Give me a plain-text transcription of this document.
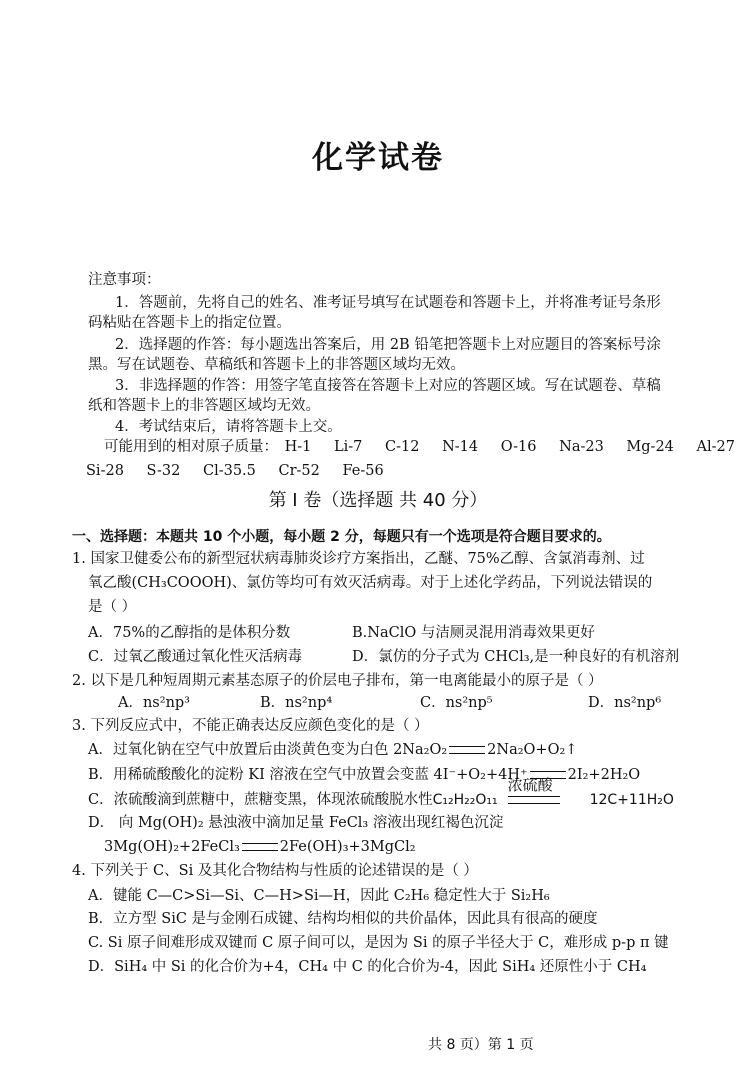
化学试卷
注意事项：
1．答题前，先将自己的姓名、准考证号填写在试题卷和答题卡上，并将准考证号条形
码粘贴在答题卡上的指定位置。
2．选择题的作答：每小题选出答案后，用 2B 铅笔把答题卡上对应题目的答案标号涂
黑。写在试题卷、草稿纸和答题卡上的非答题区域均无效。
3．非选择题的作答：用签字笔直接答在答题卡上对应的答题区域。写在试题卷、草稿
纸和答题卡上的非答题区域均无效。
4．考试结束后，请将答题卡上交。
可能用到的相对原子质量： H-1 Li-7 C-12 N-14 O-16 Na-23 Mg-24 Al-27
Si-28 S-32 Cl-35.5 Cr-52 Fe-56
第 I 卷（选择题 共 40 分）
一、选择题：本题共 10 个小题，每小题 2 分，每题只有一个选项是符合题目要求的。
1. 国家卫健委公布的新型冠状病毒肺炎诊疗方案指出，乙醚、75%乙醇、含氯消毒剂、过
氧乙酸(CH₃COOOH)、氯仿等均可有效灭活病毒。对于上述化学药品，下列说法错误的
是（ ）
A．75%的乙醇指的是体积分数	B.NaClO 与洁厕灵混用消毒效果更好
C．过氧乙酸通过氧化性灭活病毒	D．氯仿的分子式为 CHCl₃,是一种良好的有机溶剂
2. 以下是几种短周期元素基态原子的价层电子排布，第一电离能最小的原子是（ ）
A．ns²np³	B．ns²np⁴	C．ns²np⁵	D．ns²np⁶
3. 下列反应式中，不能正确表达反应颜色变化的是（ ）
A．过氧化钠在空气中放置后由淡黄色变为白色 2Na₂O₂	2Na₂O+O₂↑
B．用稀硫酸酸化的淀粉 KI 溶液在空气中放置会变蓝 4I⁻+O₂+4H⁺	2I₂+2H₂O
C．浓硫酸滴到蔗糖中，蔗糖变黑，体现浓硫酸脱水性C₁₂H₂₂O₁₁
浓硫酸
12C+11H₂O
D． 向 Mg(OH)₂ 悬浊液中滴加足量 FeCl₃ 溶液出现红褐色沉淀
3Mg(OH)₂+2FeCl₃	2Fe(OH)₃+3MgCl₂
4. 下列关于 C、Si 及其化合物结构与性质的论述错误的是（ ）
A．键能 C—C>Si—Si、C—H>Si—H，因此 C₂H₆ 稳定性大于 Si₂H₆
B．立方型 SiC 是与金刚石成键、结构均相似的共价晶体，因此具有很高的硬度
C. Si 原子间难形成双键而 C 原子间可以，是因为 Si 的原子半径大于 C，难形成 p-p π 键
D．SiH₄ 中 Si 的化合价为+4，CH₄ 中 C 的化合价为-4，因此 SiH₄ 还原性小于 CH₄
共 8 页）第 1 页
